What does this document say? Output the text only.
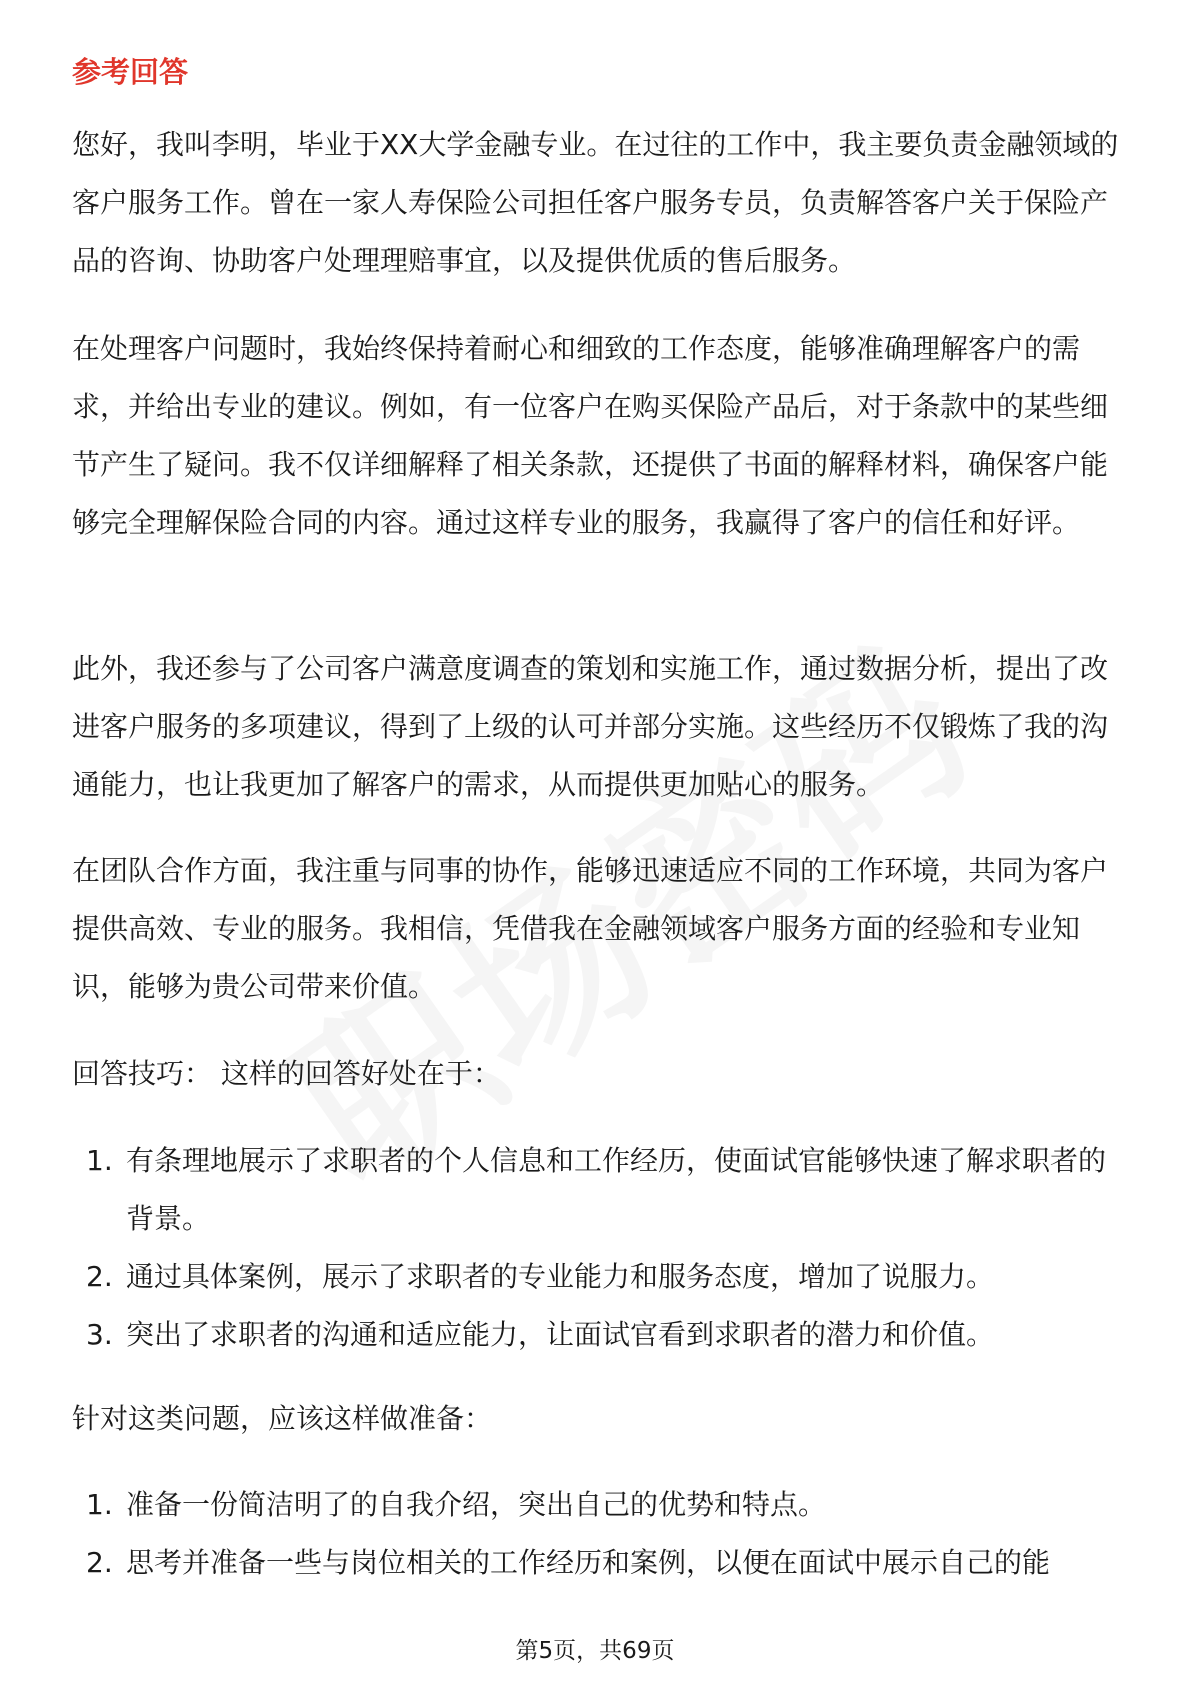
参考回答

您好，我叫李明，毕业于XX大学金融专业。在过往的工作中，我主要负责金融领域的客户服务工作。曾在一家人寿保险公司担任客户服务专员，负责解答客户关于保险产品的咨询、协助客户处理理赔事宜，以及提供优质的售后服务。

在处理客户问题时，我始终保持着耐心和细致的工作态度，能够准确理解客户的需求，并给出专业的建议。例如，有一位客户在购买保险产品后，对于条款中的某些细节产生了疑问。我不仅详细解释了相关条款，还提供了书面的解释材料，确保客户能够完全理解保险合同的内容。通过这样专业的服务，我赢得了客户的信任和好评。

此外，我还参与了公司客户满意度调查的策划和实施工作，通过数据分析，提出了改进客户服务的多项建议，得到了上级的认可并部分实施。这些经历不仅锻炼了我的沟通能力，也让我更加了解客户的需求，从而提供更加贴心的服务。

在团队合作方面，我注重与同事的协作，能够迅速适应不同的工作环境，共同为客户提供高效、专业的服务。我相信，凭借我在金融领域客户服务方面的经验和专业知识，能够为贵公司带来价值。

回答技巧： 这样的回答好处在于：

1. 有条理地展示了求职者的个人信息和工作经历，使面试官能够快速了解求职者的背景。
2. 通过具体案例，展示了求职者的专业能力和服务态度，增加了说服力。
3. 突出了求职者的沟通和适应能力，让面试官看到求职者的潜力和价值。

针对这类问题，应该这样做准备：

1. 准备一份简洁明了的自我介绍，突出自己的优势和特点。
2. 思考并准备一些与岗位相关的工作经历和案例，以便在面试中展示自己的能
第5页，共69页
